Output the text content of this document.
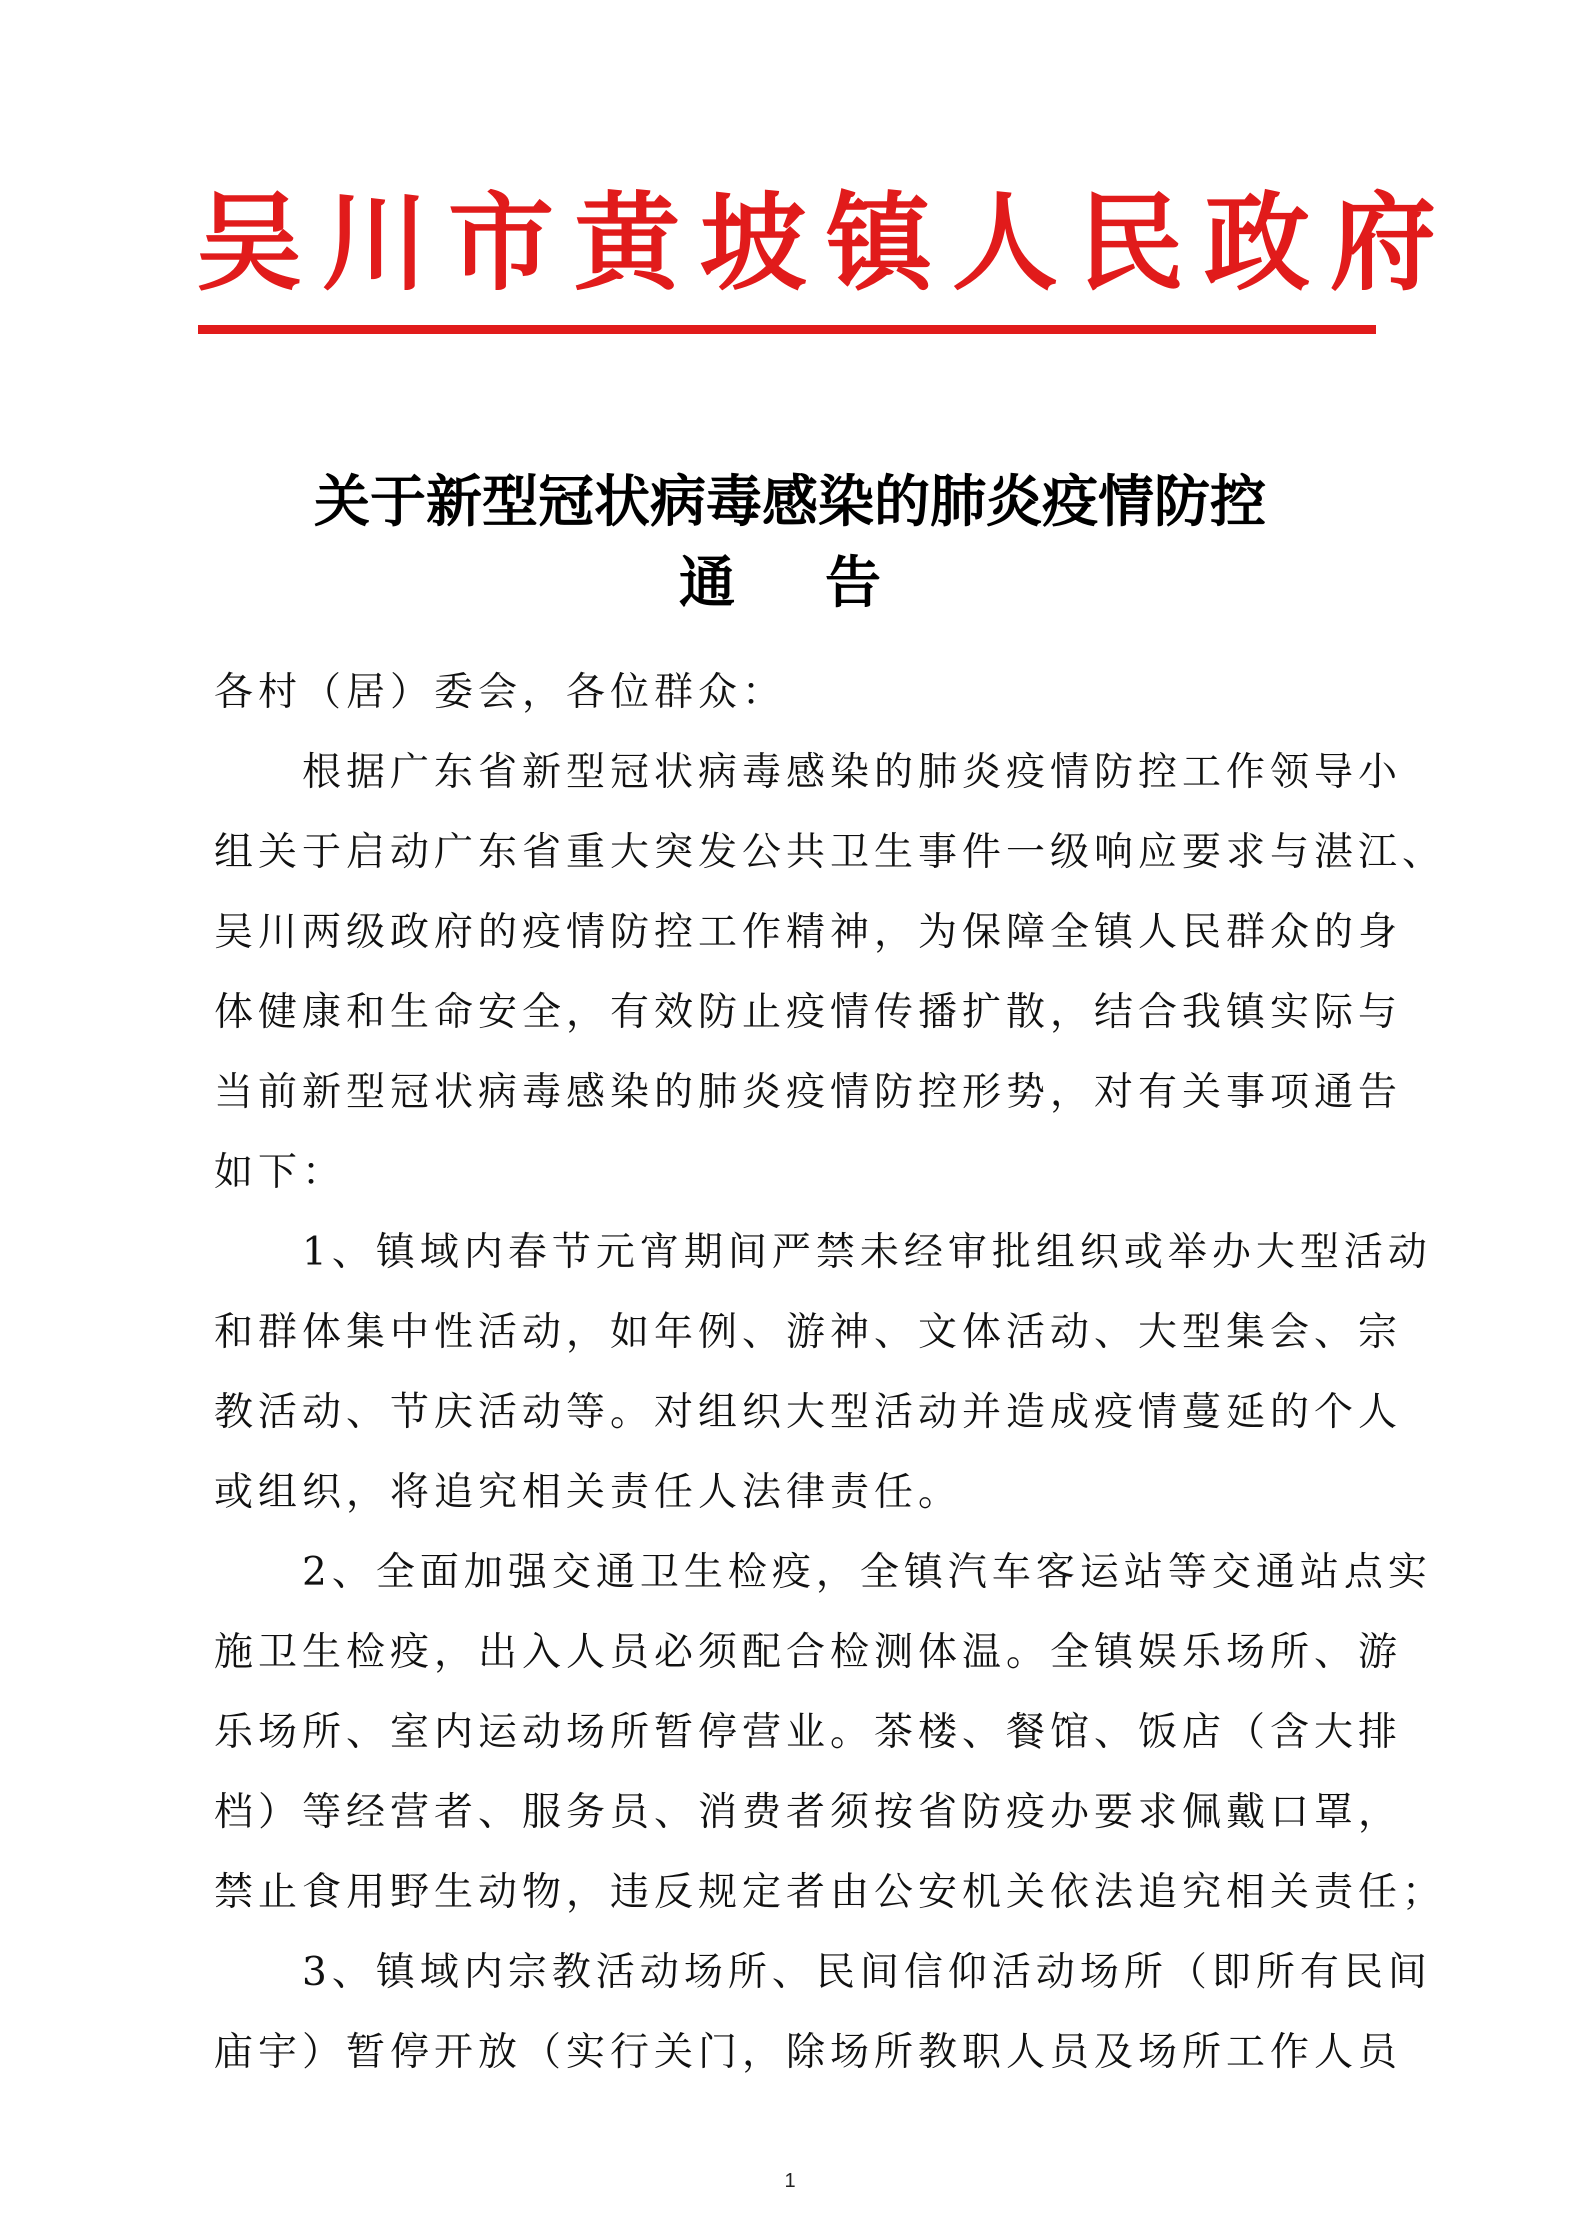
吴川市黄坡镇人民政府
关于新型冠状病毒感染的肺炎疫情防控
通告
各村（居）委会，各位群众：
　　根据广东省新型冠状病毒感染的肺炎疫情防控工作领导小
组关于启动广东省重大突发公共卫生事件一级响应要求与湛江、
吴川两级政府的疫情防控工作精神，为保障全镇人民群众的身
体健康和生命安全，有效防止疫情传播扩散，结合我镇实际与
当前新型冠状病毒感染的肺炎疫情防控形势，对有关事项通告
如下：
　　1、镇域内春节元宵期间严禁未经审批组织或举办大型活动
和群体集中性活动，如年例、游神、文体活动、大型集会、宗
教活动、节庆活动等。对组织大型活动并造成疫情蔓延的个人
或组织，将追究相关责任人法律责任。
　　2、全面加强交通卫生检疫，全镇汽车客运站等交通站点实
施卫生检疫，出入人员必须配合检测体温。全镇娱乐场所、游
乐场所、室内运动场所暂停营业。茶楼、餐馆、饭店（含大排
档）等经营者、服务员、消费者须按省防疫办要求佩戴口罩，
禁止食用野生动物，违反规定者由公安机关依法追究相关责任；
　　3、镇域内宗教活动场所、民间信仰活动场所（即所有民间
庙宇）暂停开放（实行关门，除场所教职人员及场所工作人员
1
